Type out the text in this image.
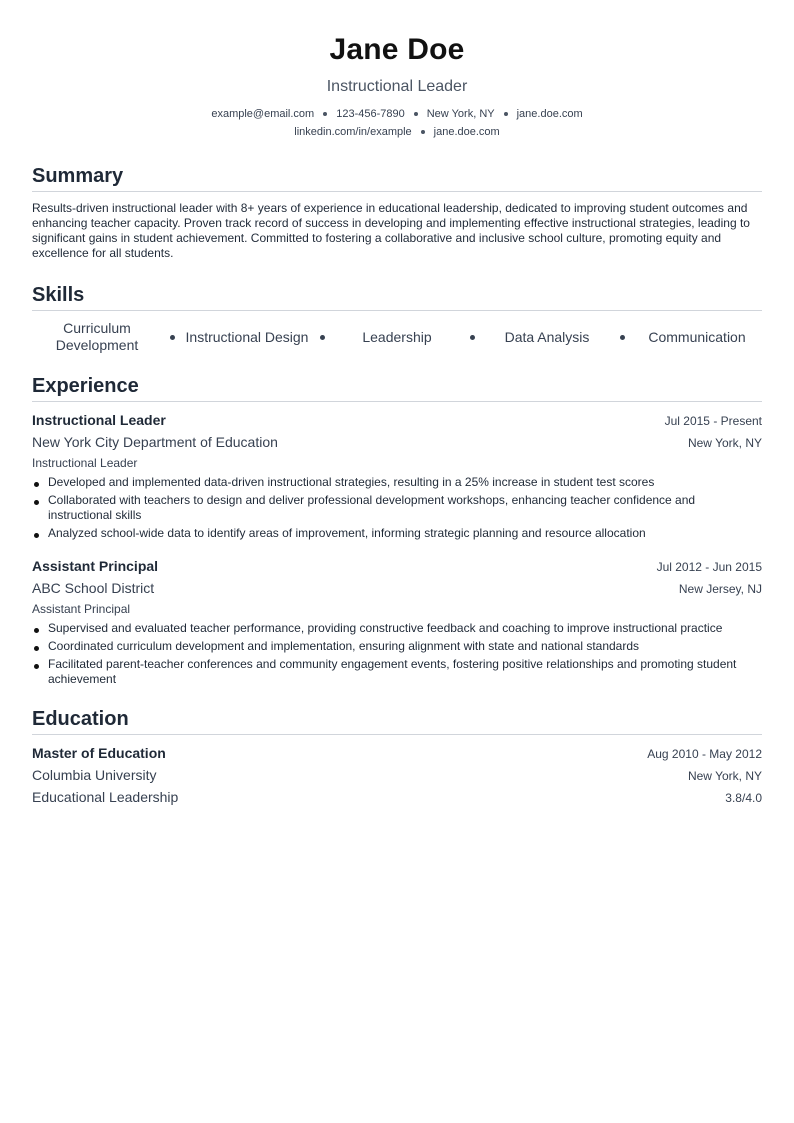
Jane Doe
Instructional Leader
example@email.com 123-456-7890 New York, NY jane.doe.com
linkedin.com/in/example jane.doe.com
Summary
Results-driven instructional leader with 8+ years of experience in educational leadership, dedicated to improving student outcomes and enhancing teacher capacity. Proven track record of success in developing and implementing effective instructional strategies, leading to significant gains in student achievement. Committed to fostering a collaborative and inclusive school culture, promoting equity and excellence for all students.
Skills
Curriculum Development
Instructional Design	Leadership	Data Analysis	Communication
Experience
Instructional Leader	Jul 2015 - Present
New York City Department of Education	New York, NY
Instructional Leader
Developed and implemented data-driven instructional strategies, resulting in a 25% increase in student test scores
Collaborated with teachers to design and deliver professional development workshops, enhancing teacher confidence and instructional skills
Analyzed school-wide data to identify areas of improvement, informing strategic planning and resource allocation
Assistant Principal	Jul 2012 - Jun 2015
ABC School District	New Jersey, NJ
Assistant Principal
Supervised and evaluated teacher performance, providing constructive feedback and coaching to improve instructional practice
Coordinated curriculum development and implementation, ensuring alignment with state and national standards
Facilitated parent-teacher conferences and community engagement events, fostering positive relationships and promoting student achievement
Education
Master of Education	Aug 2010 - May 2012
Columbia University	New York, NY
Educational Leadership	3.8/4.0
